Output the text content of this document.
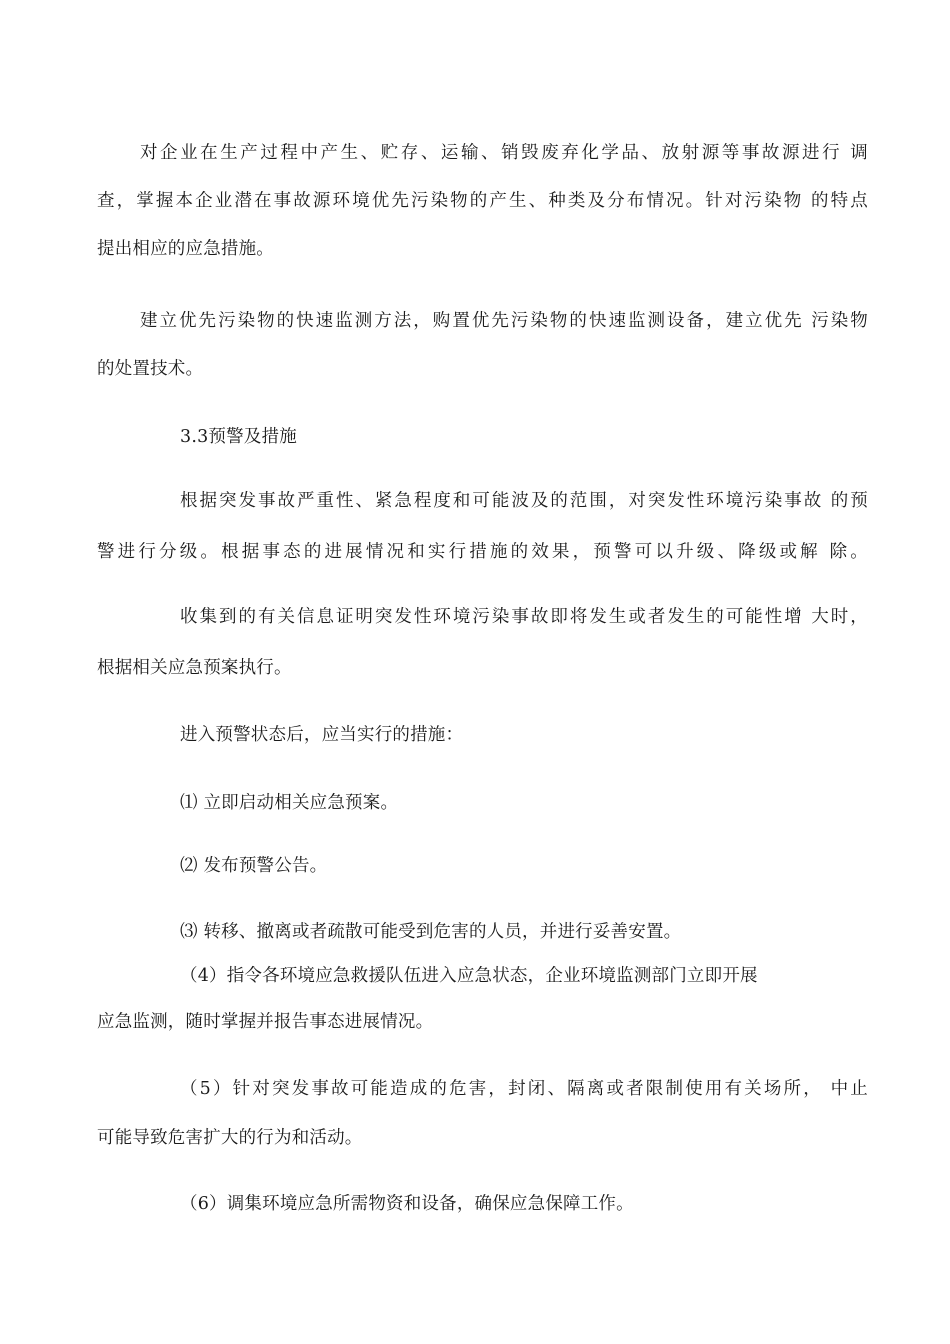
对企业在生产过程中产生、贮存、运输、销毁废弃化学品、放射源等事故源进行 调
查，掌握本企业潜在事故源环境优先污染物的产生、种类及分布情况。针对污染物 的特点
提出相应的应急措施。
建立优先污染物的快速监测方法，购置优先污染物的快速监测设备，建立优先 污染物
的处置技术。
3.3预警及措施
根据突发事故严重性、紧急程度和可能波及的范围，对突发性环境污染事故 的预
警进行分级。根据事态的进展情况和实行措施的效果，预警可以升级、降级或解 除。
收集到的有关信息证明突发性环境污染事故即将发生或者发生的可能性增 大时，
根据相关应急预案执行。
进入预警状态后，应当实行的措施：
⑴ 立即启动相关应急预案。
⑵ 发布预警公告。
⑶ 转移、撤离或者疏散可能受到危害的人员，并进行妥善安置。
（4）指令各环境应急救援队伍进入应急状态，企业环境监测部门立即开展
应急监测，随时掌握并报告事态进展情况。
（5）针对突发事故可能造成的危害，封闭、隔离或者限制使用有关场所， 中止
可能导致危害扩大的行为和活动。
（6）调集环境应急所需物资和设备，确保应急保障工作。
